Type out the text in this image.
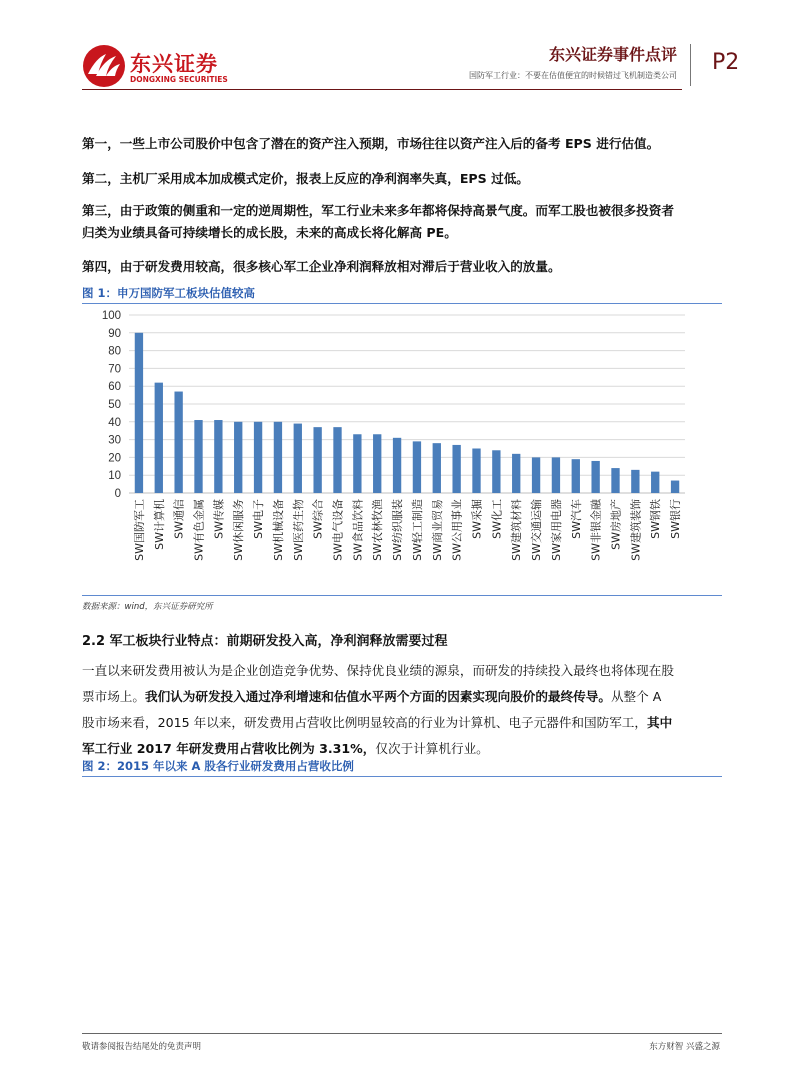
东兴证券
DONGXING SECURITIES
东兴证券事件点评
国防军工行业：不要在估值便宜的时候错过飞机制造类公司
P2
第一，一些上市公司股价中包含了潜在的资产注入预期，市场往往以资产注入后的备考 EPS 进行估值。
第二，主机厂采用成本加成模式定价，报表上反应的净利润率失真，EPS 过低。
第三，由于政策的侧重和一定的逆周期性，军工行业未来多年都将保持高景气度。而军工股也被很多投资者
归类为业绩具备可持续增长的成长股，未来的高成长将化解高 PE。
第四，由于研发费用较高，很多核心军工企业净利润释放相对滞后于营业收入的放量。
图 1：申万国防军工板块估值较高
0
10
20
30
40
50
60
70
80
90
100
SW国防军工 SW计算机 SW通信 SW有色金属 SW传媒 SW休闲服务 SW电子 SW机械设备 SW医药生物 SW综合 SW电气设备 SW食品饮料 SW农林牧渔 SW纺织服装 SW轻工制造 SW商业贸易 SW公用事业 SW采掘 SW化工 SW建筑材料 SW交通运输 SW家用电器 SW汽车 SW非银金融 SW房地产 SW建筑装饰 SW钢铁 SW银行
数据来源：wind，东兴证券研究所
2.2 军工板块行业特点：前期研发投入高，净利润释放需要过程
一直以来研发费用被认为是企业创造竞争优势、保持优良业绩的源泉，而研发的持续投入最终也将体现在股
票市场上。我们认为研发投入通过净利增速和估值水平两个方面的因素实现向股价的最终传导。从整个 A
股市场来看，2015 年以来，研发费用占营收比例明显较高的行业为计算机、电子元器件和国防军工，其中
军工行业 2017 年研发费用占营收比例为 3.31%，仅次于计算机行业。
图 2：2015 年以来 A 股各行业研发费用占营收比例
敬请参阅报告结尾处的免责声明	东方财智 兴盛之源
